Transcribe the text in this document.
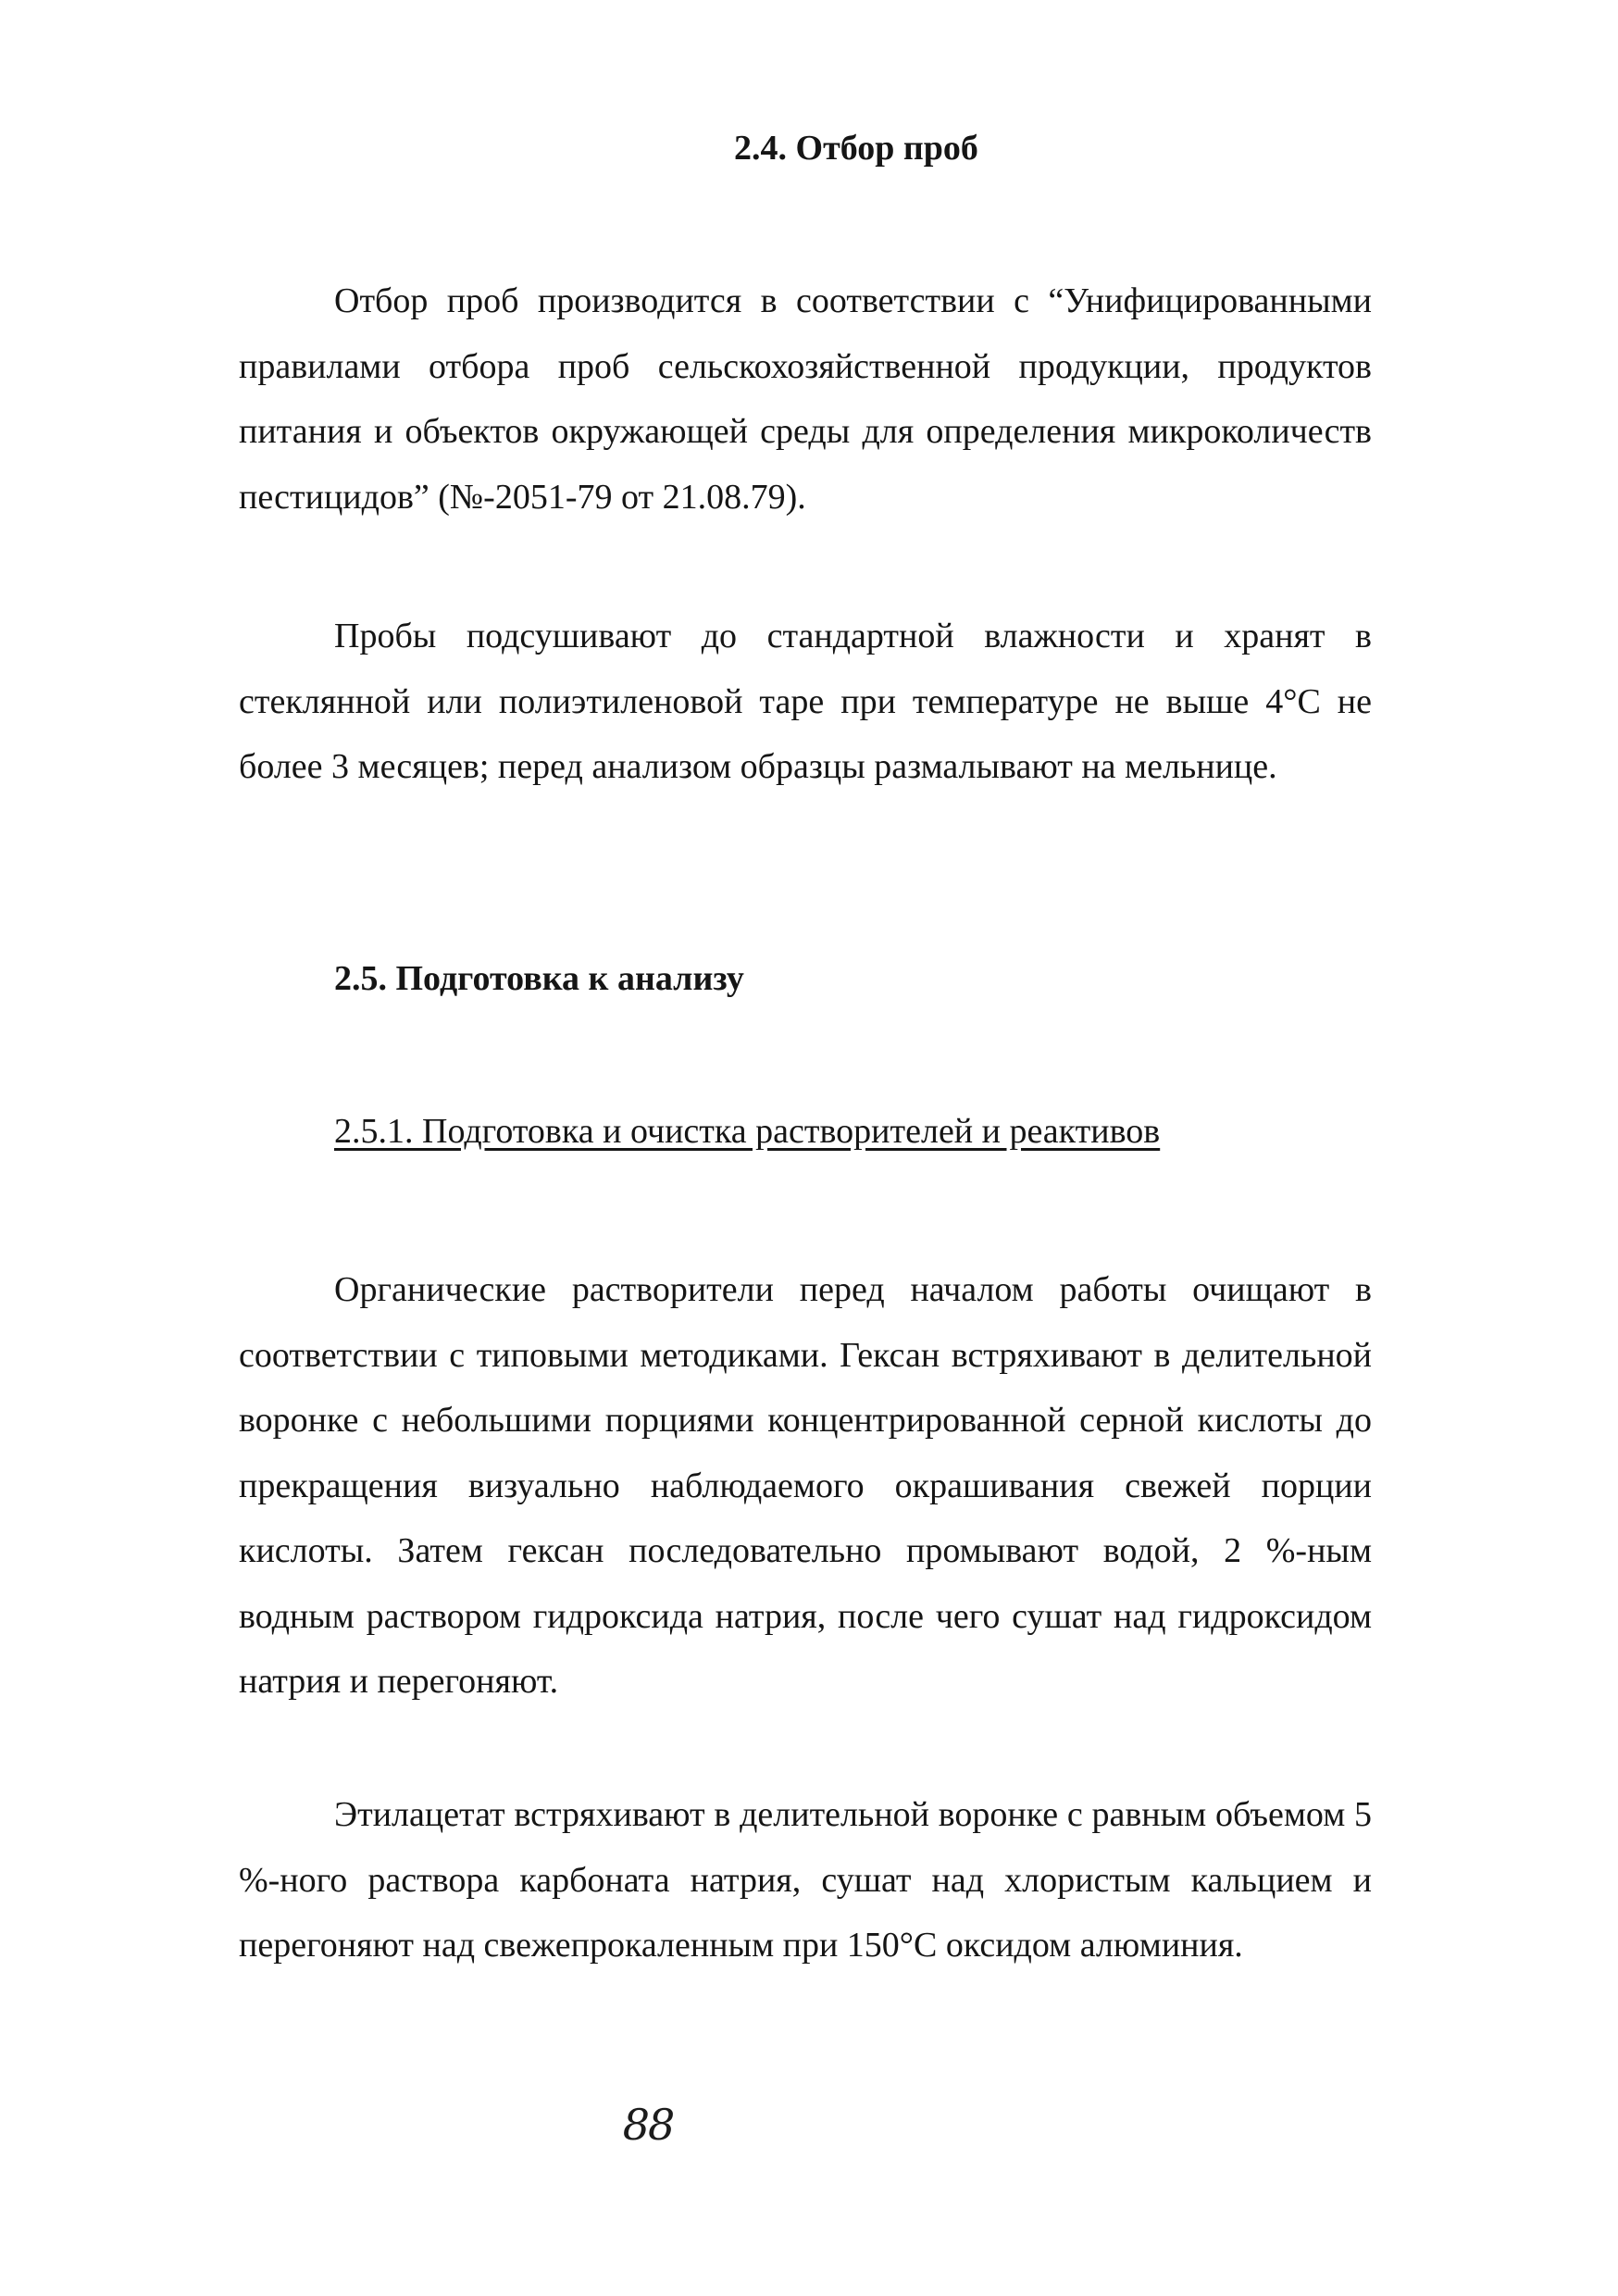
2.4. Отбор проб

Отбор проб производится в соответствии с “Унифицированными правилами отбора проб сельскохозяйственной продукции, продуктов питания и объектов окружающей среды для определения микроколичеств пестицидов” (№-2051-79 от 21.08.79).

Пробы подсушивают до стандартной влажности и хранят в стеклянной или полиэтиленовой таре при температуре не выше 4°С не более 3 месяцев; перед анализом образцы размалывают на мельнице.

2.5. Подготовка к анализу
2.5.1. Подготовка и очистка растворителей и реактивов

Органические растворители перед началом работы очищают в соответствии с типовыми методиками. Гексан встряхивают в делительной воронке с небольшими порциями концентрированной серной кислоты до прекращения визуально наблюдаемого окрашивания свежей порции кислоты. Затем гексан последовательно промывают водой, 2 %-ным водным раствором гидроксида натрия, после чего сушат над гидроксидом натрия и перегоняют.

Этилацетат встряхивают в делительной воронке с равным объемом 5 %-ного раствора карбоната натрия, сушат над хлористым кальцием и перегоняют над свежепрокаленным при 150°С оксидом алюминия.

88
